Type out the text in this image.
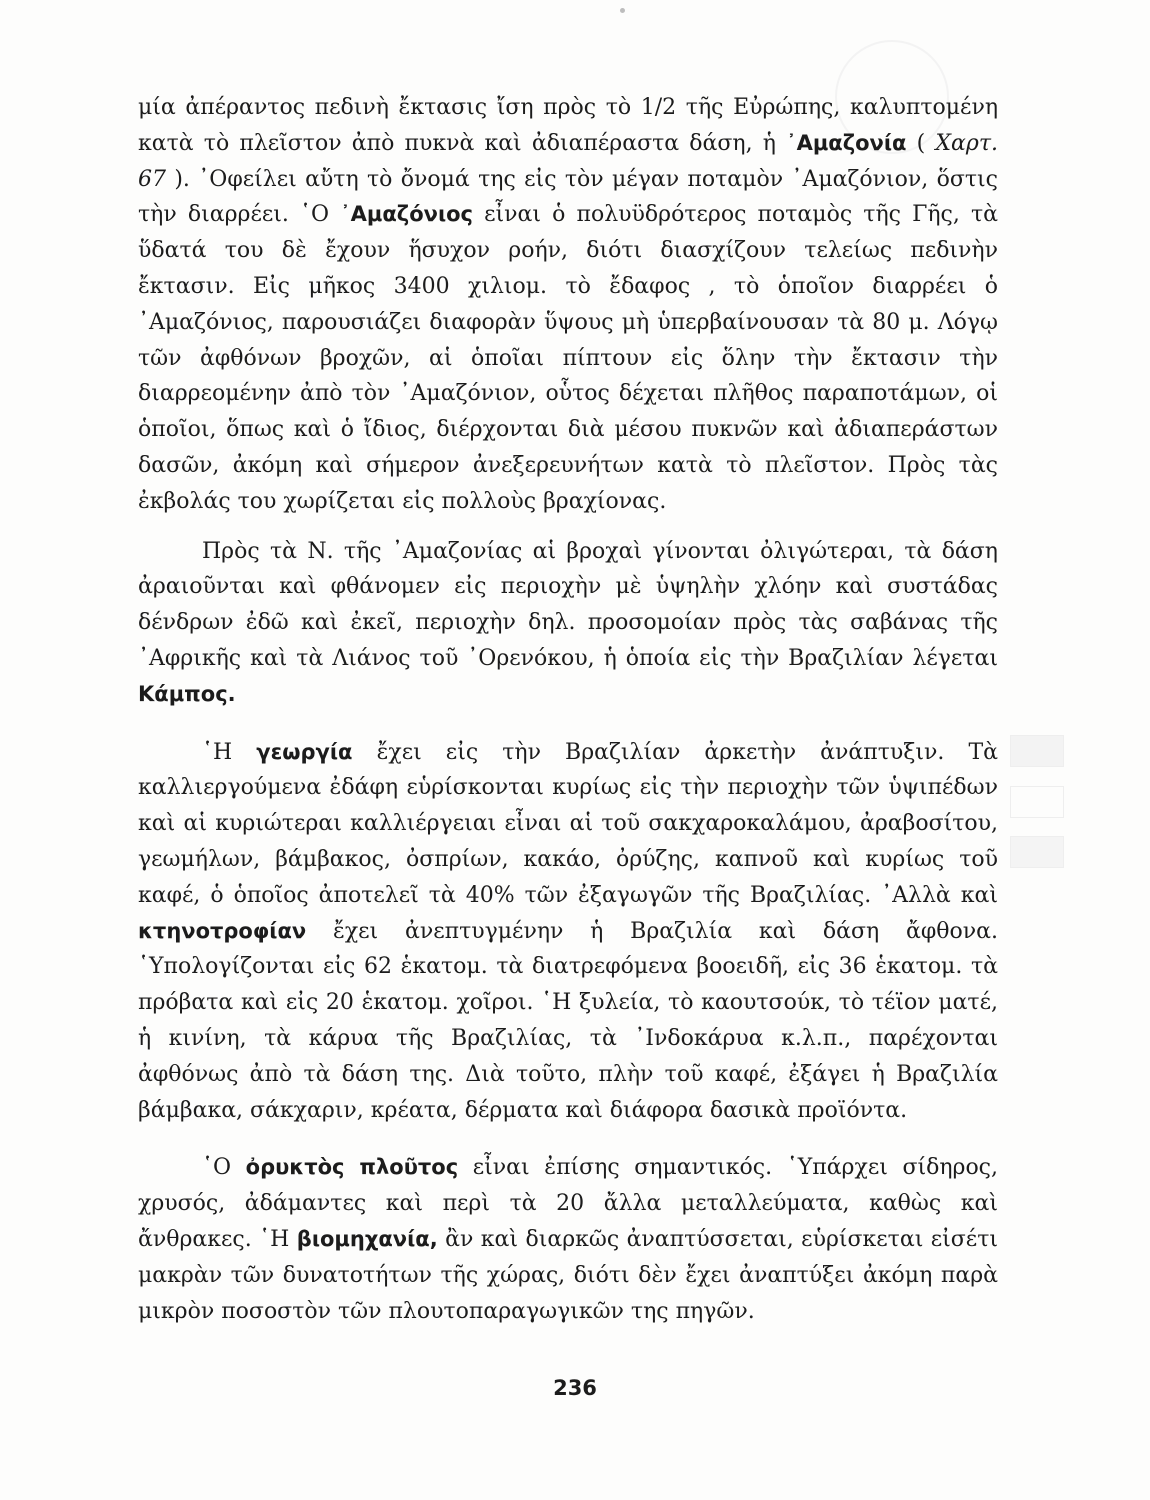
μία ἀπέραντος πεδινὴ ἔκτασις ἴση πρὸς τὸ 1/2 τῆς Εὐρώπης, καλυπτομένη κατὰ τὸ πλεῖστον ἀπὸ πυκνὰ καὶ ἀδιαπέραστα δάση, ἡ ᾿Αμαζονία ( Χαρτ. 67 ). ᾿Οφείλει αὔτη τὸ ὄνομά της εἰς τὸν μέγαν ποταμὸν ᾿Αμαζόνιον, ὅστις τὴν διαρρέει. ῾Ο ᾿Αμαζόνιος εἶναι ὁ πολυϋδρότερος ποταμὸς τῆς Γῆς, τὰ ὕδατά του δὲ ἔχουν ἥσυχον ροήν, διότι διασχίζουν τελείως πεδινὴν ἔκτασιν. Εἰς μῆκος 3400 χιλιομ. τὸ ἔδαφος , τὸ ὁποῖον διαρρέει ὁ ᾿Αμαζόνιος, παρουσιάζει διαφορὰν ὕψους μὴ ὑπερβαίνουσαν τὰ 80 μ. Λόγῳ τῶν ἀφθόνων βροχῶν, αἱ ὁποῖαι πίπτουν εἰς ὅλην τὴν ἔκτασιν τὴν διαρρεομένην ἀπὸ τὸν ᾿Αμαζόνιον, οὗτος δέχεται πλῆθος παραποτάμων, οἱ ὁποῖοι, ὅπως καὶ ὁ ἴδιος, διέρχονται διὰ μέσου πυκνῶν καὶ ἀδιαπεράστων δασῶν, ἀκόμη καὶ σήμερον ἀνεξερευνήτων κατὰ τὸ πλεῖστον. Πρὸς τὰς ἐκβολάς του χωρίζεται εἰς πολλοὺς βραχίονας.

Πρὸς τὰ Ν. τῆς ᾿Αμαζονίας αἱ βροχαὶ γίνονται ὀλιγώτεραι, τὰ δάση ἀραιοῦνται καὶ φθάνομεν εἰς περιοχὴν μὲ ὑψηλὴν χλόην καὶ συστάδας δένδρων ἐδῶ καὶ ἐκεῖ, περιοχὴν δηλ. προσομοίαν πρὸς τὰς σαβάνας τῆς ᾿Αφρικῆς καὶ τὰ Λιάνος τοῦ ᾿Ορενόκου, ἡ ὁποία εἰς τὴν Βραζιλίαν λέγεται Κάμπος.

῾Η γεωργία ἔχει εἰς τὴν Βραζιλίαν ἀρκετὴν ἀνάπτυξιν. Τὰ καλλιεργούμενα ἐδάφη εὑρίσκονται κυρίως εἰς τὴν περιοχὴν τῶν ὑψιπέδων καὶ αἱ κυριώτεραι καλλιέργειαι εἶναι αἱ τοῦ σακχαροκαλάμου, ἀραβοσίτου, γεωμήλων, βάμβακος, ὀσπρίων, κακάο, ὀρύζης, καπνοῦ καὶ κυρίως τοῦ καφέ, ὁ ὁποῖος ἀποτελεῖ τὰ 40% τῶν ἐξαγωγῶν τῆς Βραζιλίας. ᾿Αλλὰ καὶ κτηνοτροφίαν ἔχει ἀνεπτυγμένην ἡ Βραζιλία καὶ δάση ἄφθονα. ῾Υπολογίζονται εἰς 62 ἑκατομ. τὰ διατρεφόμενα βοοειδῆ, εἰς 36 ἑκατομ. τὰ πρόβατα καὶ εἰς 20 ἑκατομ. χοῖροι. ῾Η ξυλεία, τὸ καουτσούκ, τὸ τέϊον ματέ, ἡ κινίνη, τὰ κάρυα τῆς Βραζιλίας, τὰ ᾿Ινδοκάρυα κ.λ.π., παρέχονται ἀφθόνως ἀπὸ τὰ δάση της. Διὰ τοῦτο, πλὴν τοῦ καφέ, ἐξάγει ἡ Βραζιλία βάμβακα, σάκχαριν, κρέατα, δέρματα καὶ διάφορα δασικὰ προϊόντα.

῾Ο ὀρυκτὸς πλοῦτος εἶναι ἐπίσης σημαντικός. ῾Υπάρχει σίδηρος, χρυσός, ἀδάμαντες καὶ περὶ τὰ 20 ἄλλα μεταλλεύματα, καθὼς καὶ ἄνθρακες. ῾Η βιομηχανία, ἂν καὶ διαρκῶς ἀναπτύσσεται, εὑρίσκεται εἰσέτι μακρὰν τῶν δυνατοτήτων τῆς χώρας, διότι δὲν ἔχει ἀναπτύξει ἀκόμη παρὰ μικρὸν ποσοστὸν τῶν πλουτοπαραγωγικῶν της πηγῶν.

236
